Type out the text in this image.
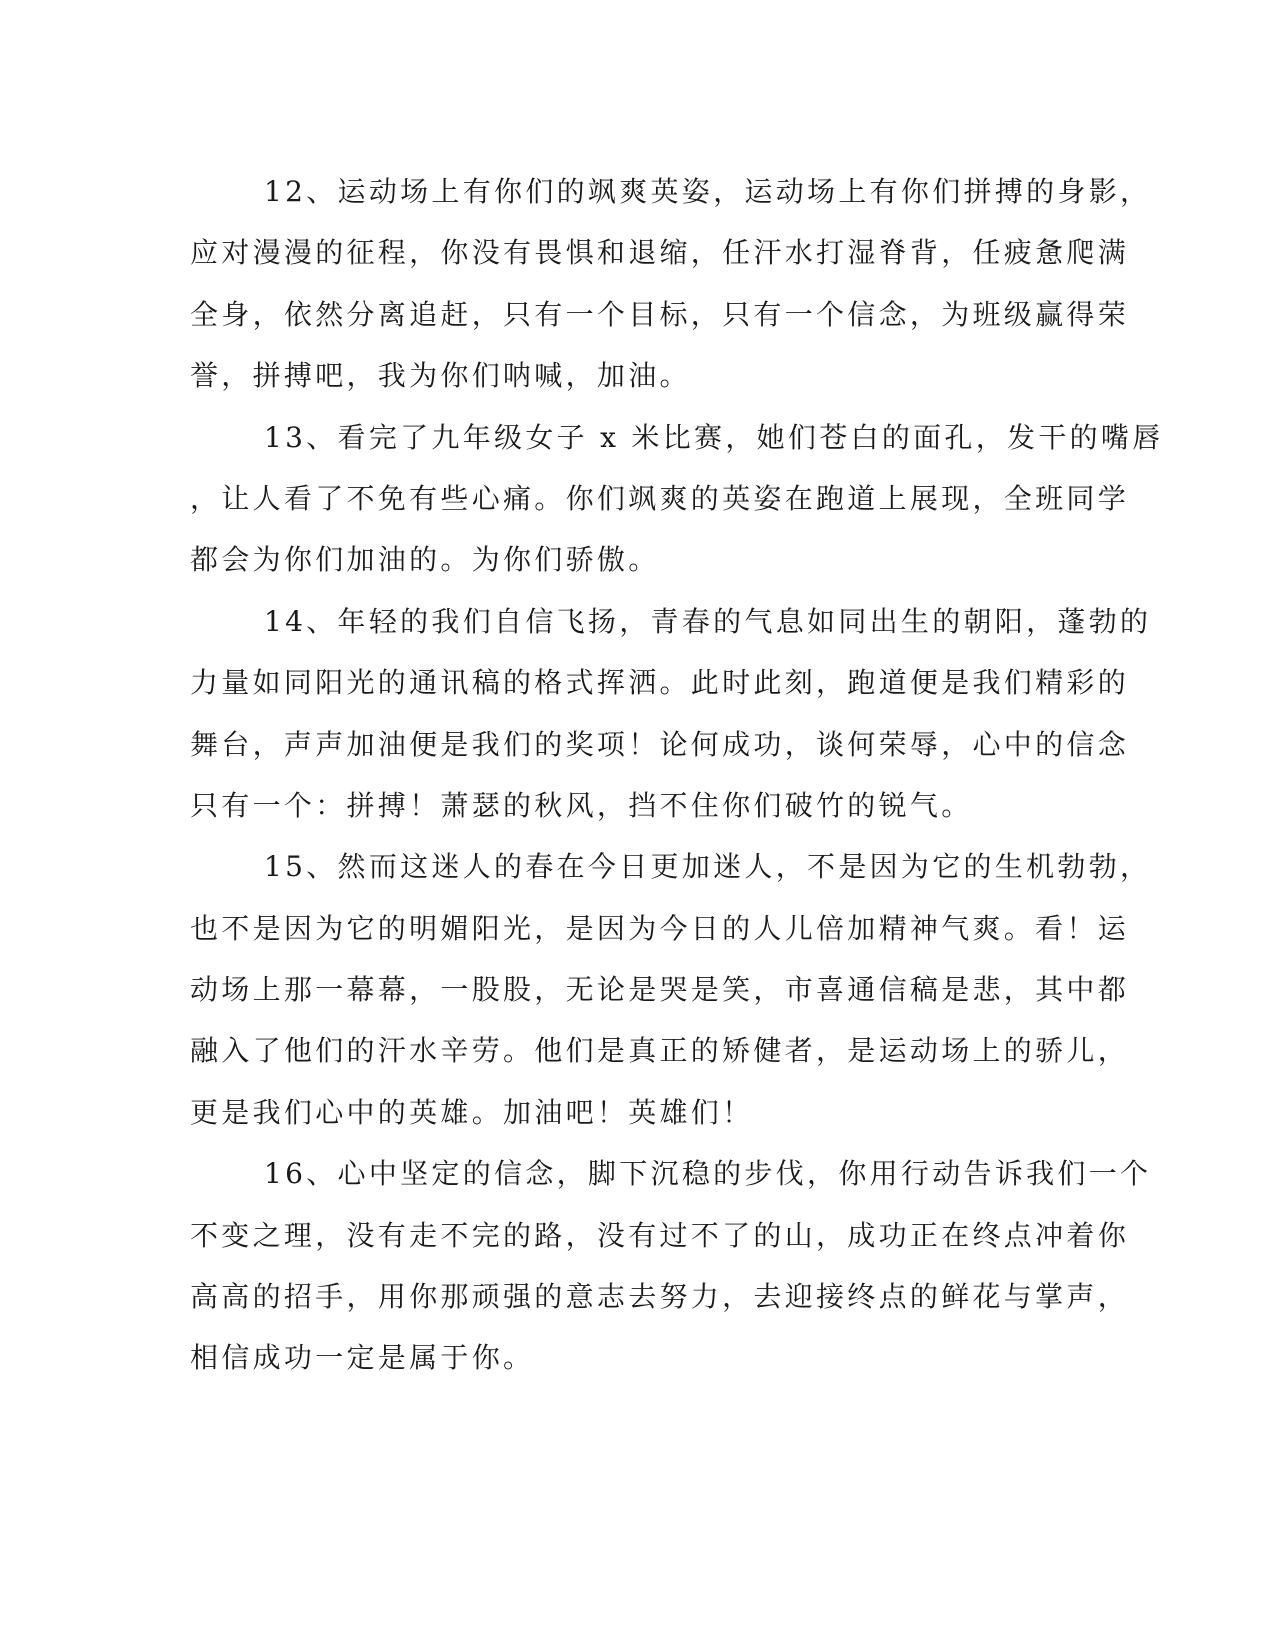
12、运动场上有你们的飒爽英姿，运动场上有你们拼搏的身影，
应对漫漫的征程，你没有畏惧和退缩，任汗水打湿脊背，任疲惫爬满
全身，依然分离追赶，只有一个目标，只有一个信念，为班级赢得荣
誉，拼搏吧，我为你们呐喊，加油。
13、看完了九年级女子 x 米比赛，她们苍白的面孔，发干的嘴唇
，让人看了不免有些心痛。你们飒爽的英姿在跑道上展现，全班同学
都会为你们加油的。为你们骄傲。
14、年轻的我们自信飞扬，青春的气息如同出生的朝阳，蓬勃的
力量如同阳光的通讯稿的格式挥洒。此时此刻，跑道便是我们精彩的
舞台，声声加油便是我们的奖项！论何成功，谈何荣辱，心中的信念
只有一个：拼搏！萧瑟的秋风，挡不住你们破竹的锐气。
15、然而这迷人的春在今日更加迷人，不是因为它的生机勃勃，
也不是因为它的明媚阳光，是因为今日的人儿倍加精神气爽。看！运
动场上那一幕幕，一股股，无论是哭是笑，市喜通信稿是悲，其中都
融入了他们的汗水辛劳。他们是真正的矫健者，是运动场上的骄儿，
更是我们心中的英雄。加油吧！英雄们！
16、心中坚定的信念，脚下沉稳的步伐，你用行动告诉我们一个
不变之理，没有走不完的路，没有过不了的山，成功正在终点冲着你
高高的招手，用你那顽强的意志去努力，去迎接终点的鲜花与掌声，
相信成功一定是属于你。
